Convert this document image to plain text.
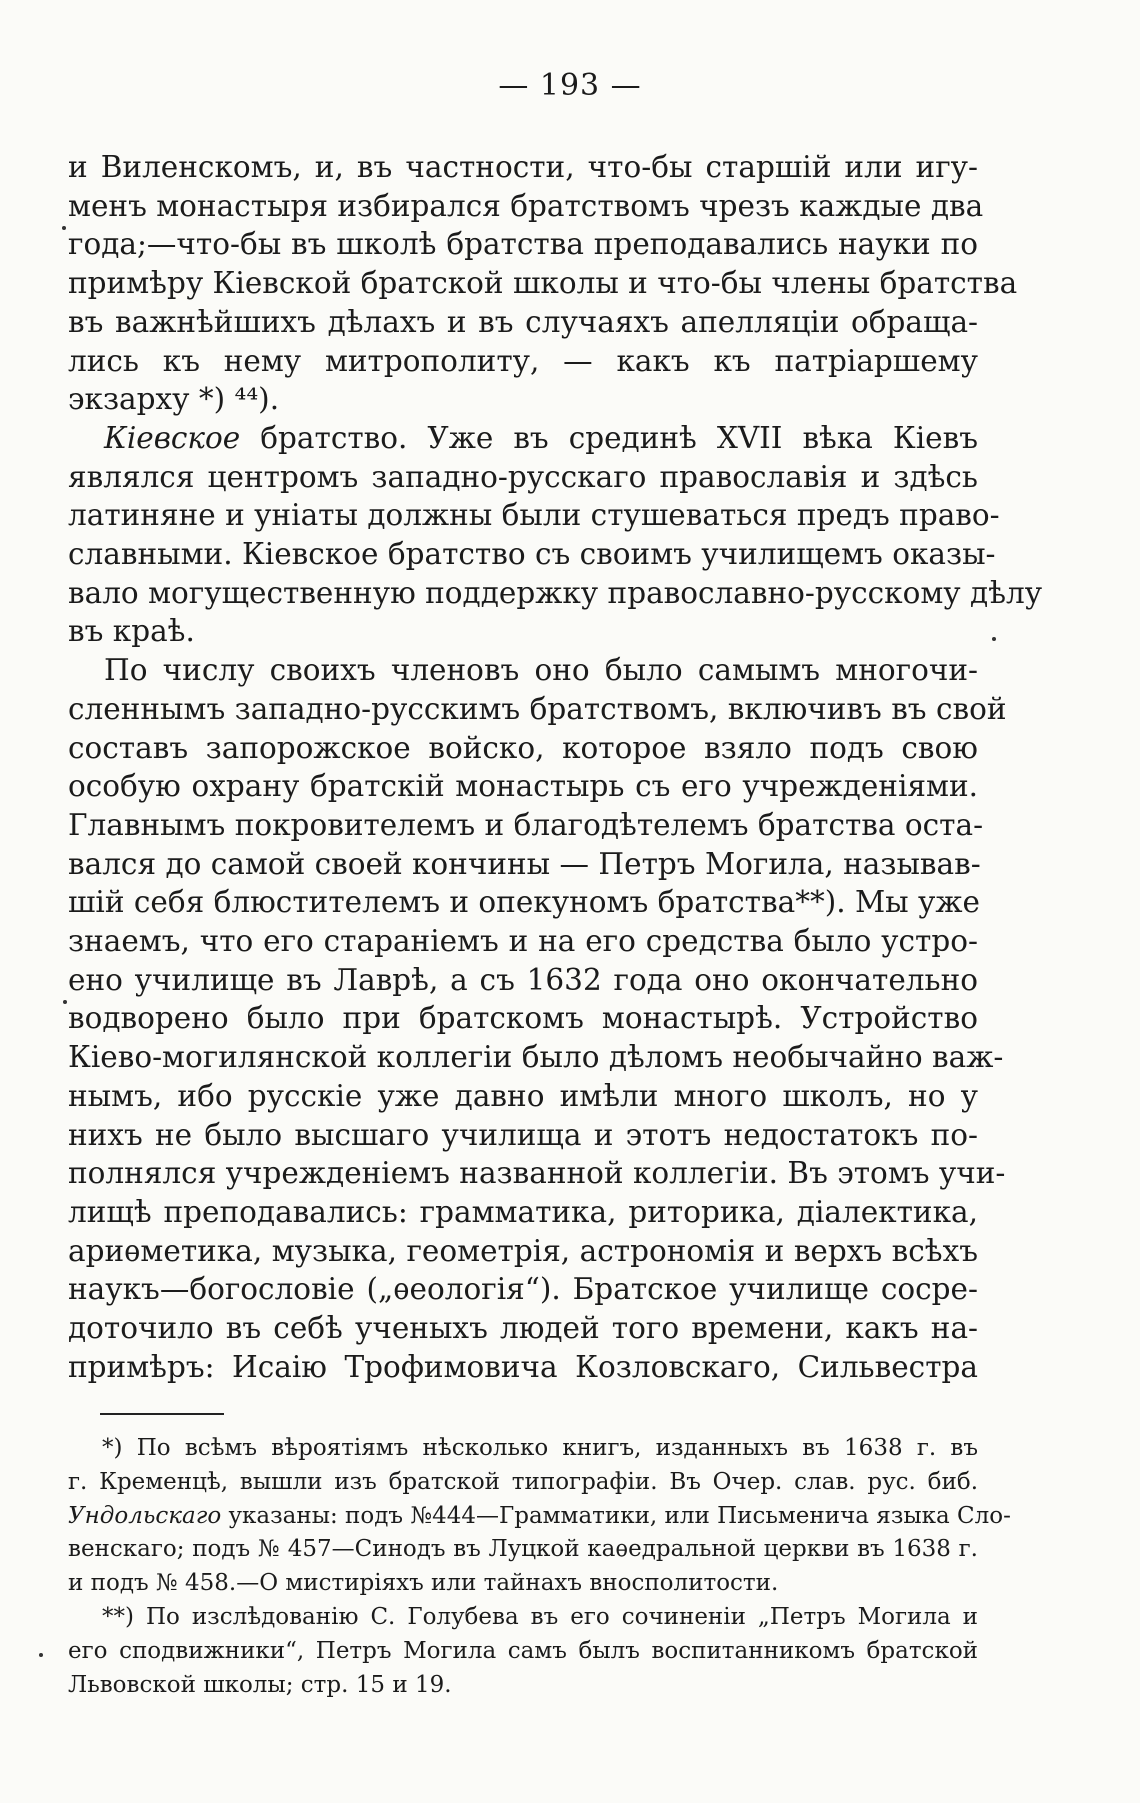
— 193 —
и Виленскомъ, и, въ частности, что-бы старшій или игу-
менъ монастыря избирался братствомъ чрезъ каждые два
года;—что-бы въ школѣ братства преподавались науки по
примѣру Кіевской братской школы и что-бы члены братства
въ важнѣйшихъ дѣлахъ и въ случаяхъ апелляціи обраща-
лись къ нему митрополиту, — какъ къ патріаршему
экзарху *) ⁴⁴).
Кіевское братство. Уже въ срединѣ XVII вѣка Кіевъ
являлся центромъ западно-русскаго православія и здѣсь
латиняне и уніаты должны были стушеваться предъ право-
славными. Кіевское братство съ своимъ училищемъ оказы-
вало могущественную поддержку православно-русскому дѣлу
въ краѣ.
По числу своихъ членовъ оно было самымъ многочи-
сленнымъ западно-русскимъ братствомъ, включивъ въ свой
составъ запорожское войско, которое взяло подъ свою
особую охрану братскій монастырь съ его учрежденіями.
Главнымъ покровителемъ и благодѣтелемъ братства оста-
вался до самой своей кончины — Петръ Могила, называв-
шій себя блюстителемъ и опекуномъ братства**). Мы уже
знаемъ, что его стараніемъ и на его средства было устро-
ено училище въ Лаврѣ, а съ 1632 года оно окончательно
водворено было при братскомъ монастырѣ. Устройство
Кіево-могилянской коллегіи было дѣломъ необычайно важ-
нымъ, ибо русскіе уже давно имѣли много школъ, но у
нихъ не было высшаго училища и этотъ недостатокъ по-
полнялся учрежденіемъ названной коллегіи. Въ этомъ учи-
лищѣ преподавались: грамматика, риторика, діалектика,
ариѳметика, музыка, геометрія, астрономія и верхъ всѣхъ
наукъ—богословіе („ѳеологія“). Братское училище сосре-
доточило въ себѣ ученыхъ людей того времени, какъ на-
примѣръ: Исаію Трофимовича Козловскаго, Сильвестра
*) По всѣмъ вѣроятіямъ нѣсколько книгъ, изданныхъ въ 1638 г. въ
г. Кременцѣ, вышли изъ братской типографіи. Въ Очер. слав. рус. биб.
Ундольскаго указаны: подъ №444—Грамматики, или Письменича языка Сло-
венскаго; подъ № 457—Синодъ въ Луцкой каѳедральной церкви въ 1638 г.
и подъ № 458.—О мистиріяхъ или тайнахъ вносполитости.
**) По изслѣдованію С. Голубева въ его сочиненіи „Петръ Могила и
его сподвижники“, Петръ Могила самъ былъ воспитанникомъ братской
Львовской школы; стр. 15 и 19.
